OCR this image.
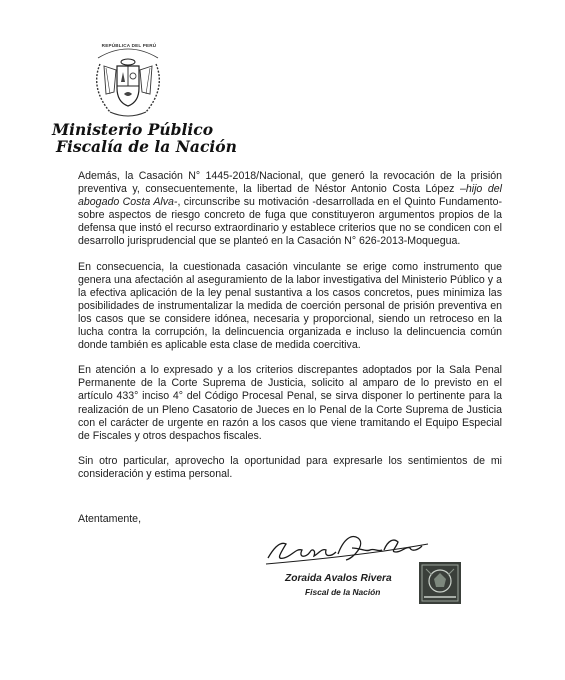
REPÚBLICA DEL PERÚ
Ministerio Público
Fiscalía de la Nación

Además, la Casación N° 1445-2018/Nacional, que generó la revocación de la prisión preventiva y, consecuentemente, la libertad de Néstor Antonio Costa López –hijo del abogado Costa Alva-, circunscribe su motivación -desarrollada en el Quinto Fundamento- sobre aspectos de riesgo concreto de fuga que constituyeron argumentos propios de la defensa que instó el recurso extraordinario y establece criterios que no se condicen con el desarrollo jurisprudencial que se planteó en la Casación N° 626-2013-Moquegua.

En consecuencia, la cuestionada casación vinculante se erige como instrumento que genera una afectación al aseguramiento de la labor investigativa del Ministerio Público y a la efectiva aplicación de la ley penal sustantiva a los casos concretos, pues minimiza las posibilidades de instrumentalizar la medida de coerción personal de prisión preventiva en los casos que se considere idónea, necesaria y proporcional, siendo un retroceso en la lucha contra la corrupción, la delincuencia organizada e incluso la delincuencia común donde también es aplicable esta clase de medida coercitiva.

En atención a lo expresado y a los criterios discrepantes adoptados por la Sala Penal Permanente de la Corte Suprema de Justicia, solicito al amparo de lo previsto en el artículo 433° inciso 4° del Código Procesal Penal, se sirva disponer lo pertinente para la realización de un Pleno Casatorio de Jueces en lo Penal de la Corte Suprema de Justicia con el carácter de urgente en razón a los casos que viene tramitando el Equipo Especial de Fiscales y otros despachos fiscales.

Sin otro particular, aprovecho la oportunidad para expresarle los sentimientos de mi consideración y estima personal.

Atentamente,
Zoraida Avalos Rivera
Fiscal de la Nación
